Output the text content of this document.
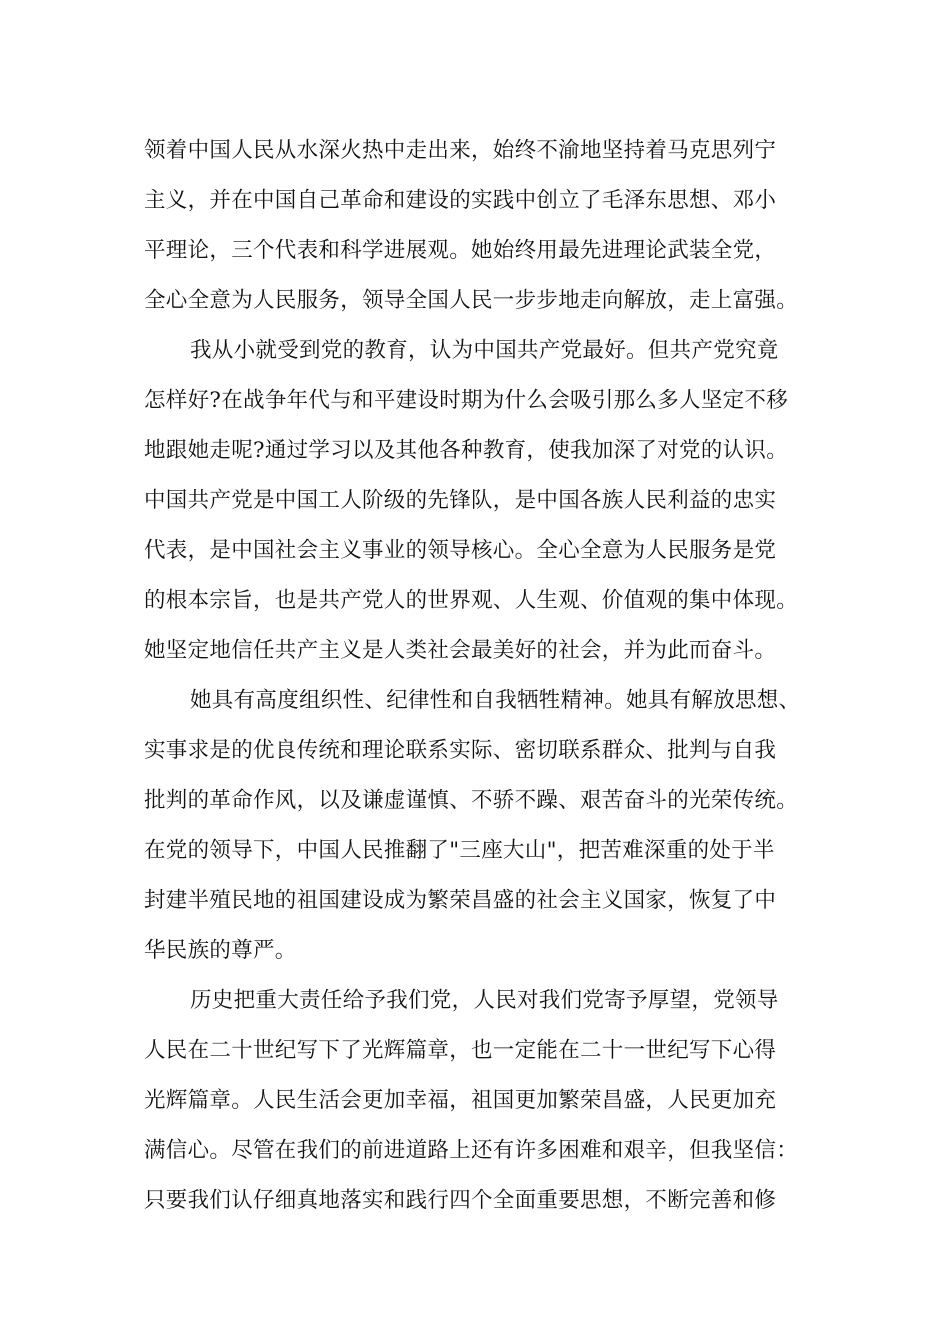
领着中国人民从水深火热中走出来，始终不渝地坚持着马克思列宁
主义，并在中国自己革命和建设的实践中创立了毛泽东思想、邓小
平理论，三个代表和科学进展观。她始终用最先进理论武装全党，
全心全意为人民服务，领导全国人民一步步地走向解放，走上富强。
我从小就受到党的教育，认为中国共产党最好。但共产党究竟
怎样好?在战争年代与和平建设时期为什么会吸引那么多人坚定不移
地跟她走呢?通过学习以及其他各种教育，使我加深了对党的认识。
中国共产党是中国工人阶级的先锋队，是中国各族人民利益的忠实
代表，是中国社会主义事业的领导核心。全心全意为人民服务是党
的根本宗旨，也是共产党人的世界观、人生观、价值观的集中体现。
她坚定地信任共产主义是人类社会最美好的社会，并为此而奋斗。
她具有高度组织性、纪律性和自我牺牲精神。她具有解放思想、
实事求是的优良传统和理论联系实际、密切联系群众、批判与自我
批判的革命作风，以及谦虚谨慎、不骄不躁、艰苦奋斗的光荣传统。
在党的领导下，中国人民推翻了"三座大山"，把苦难深重的处于半
封建半殖民地的祖国建设成为繁荣昌盛的社会主义国家，恢复了中
华民族的尊严。
历史把重大责任给予我们党，人民对我们党寄予厚望，党领导
人民在二十世纪写下了光辉篇章，也一定能在二十一世纪写下心得
光辉篇章。人民生活会更加幸福，祖国更加繁荣昌盛，人民更加充
满信心。尽管在我们的前进道路上还有许多困难和艰辛，但我坚信：
只要我们认仔细真地落实和践行四个全面重要思想，不断完善和修
